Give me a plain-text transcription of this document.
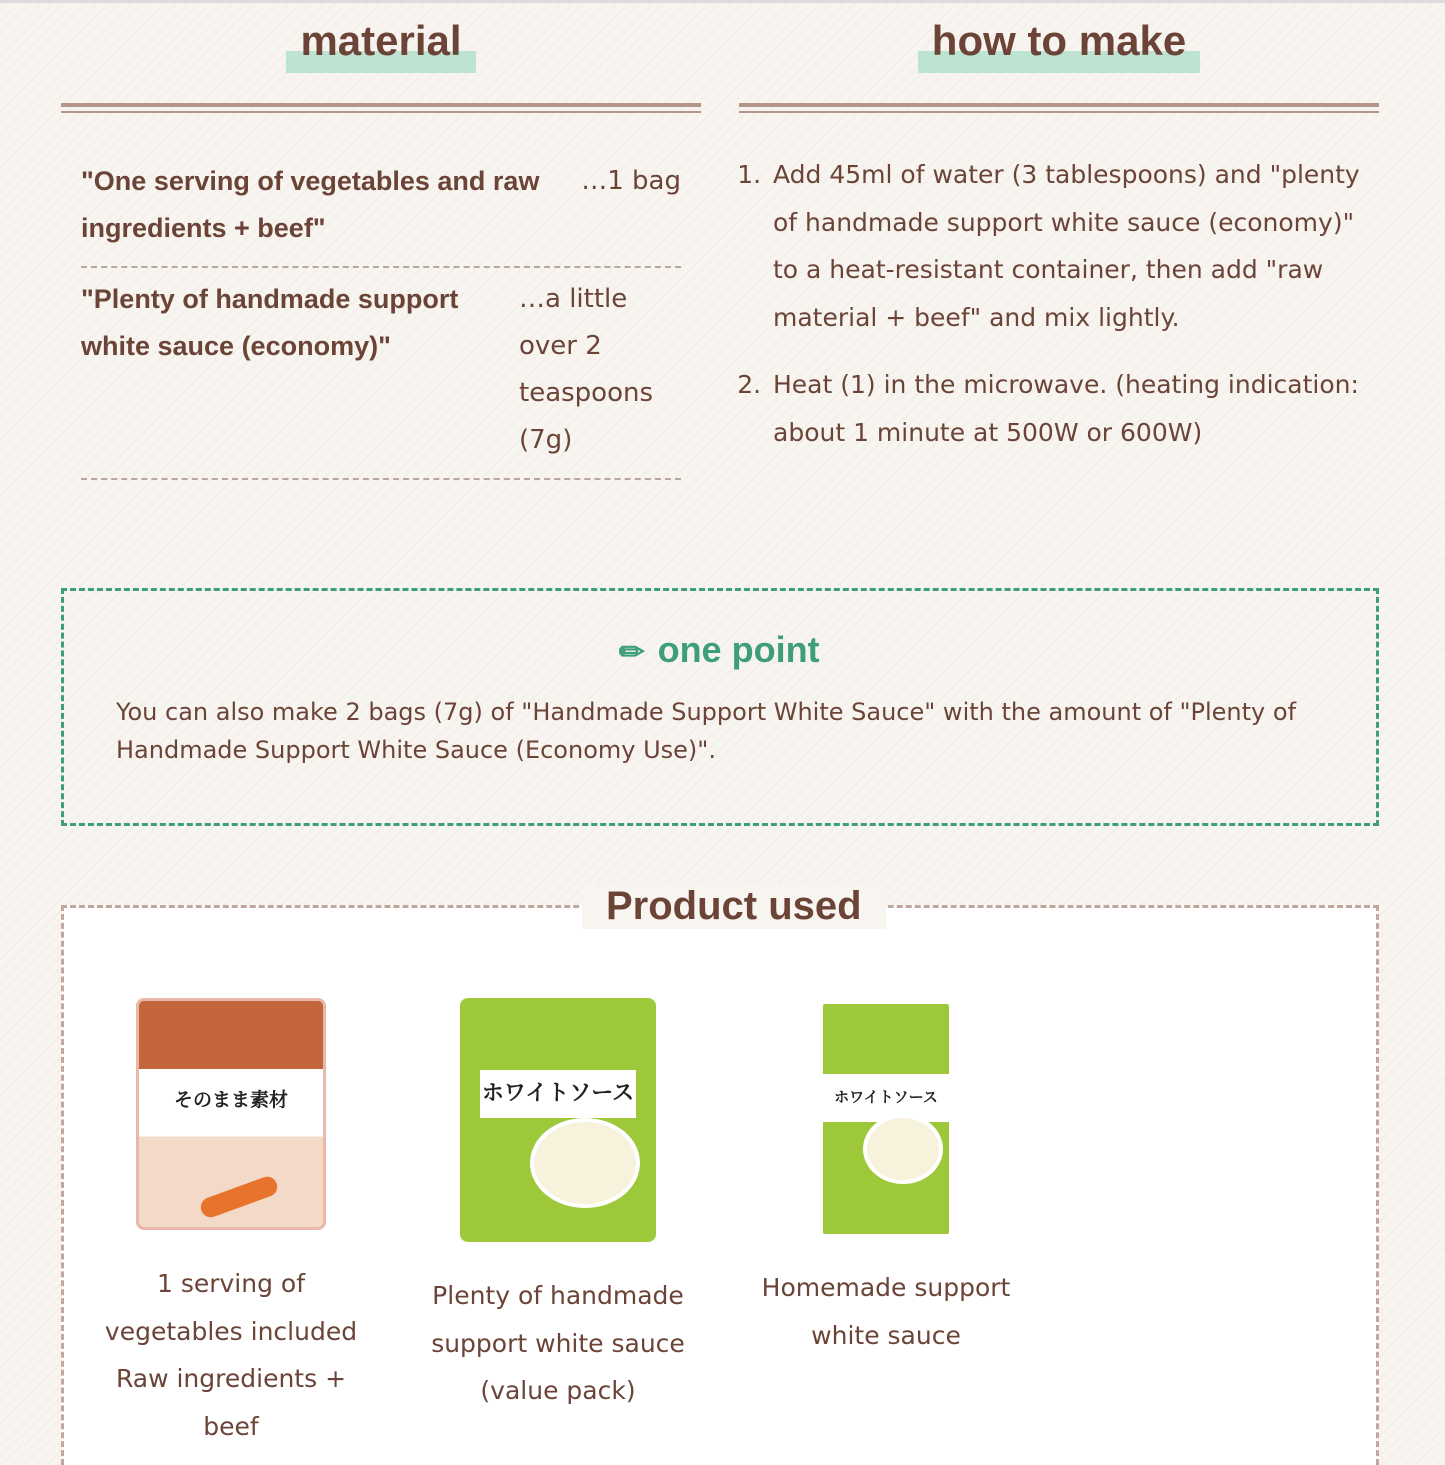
material
"One serving of vegetables and raw ingredients + beef"
…1 bag
"Plenty of handmade support white sauce (economy)"
…a little over 2 teaspoons (7g)
how to make
1. Add 45ml of water (3 tablespoons) and "plenty of handmade support white sauce (economy)" to a heat-resistant container, then add "raw material + beef" and mix lightly.
2. Heat (1) in the microwave. (heating indication: about 1 minute at 500W or 600W)
✎ one point

You can also make 2 bags (7g) of "Handmade Support White Sauce" with the amount of "Plenty of Handmade Support White Sauce (Economy Use)".

Product used
そのまま素材
1 serving of vegetables included Raw ingredients + beef
ホワイトソース
Plenty of handmade support white sauce (value pack)
ホワイトソース
Homemade support white sauce
